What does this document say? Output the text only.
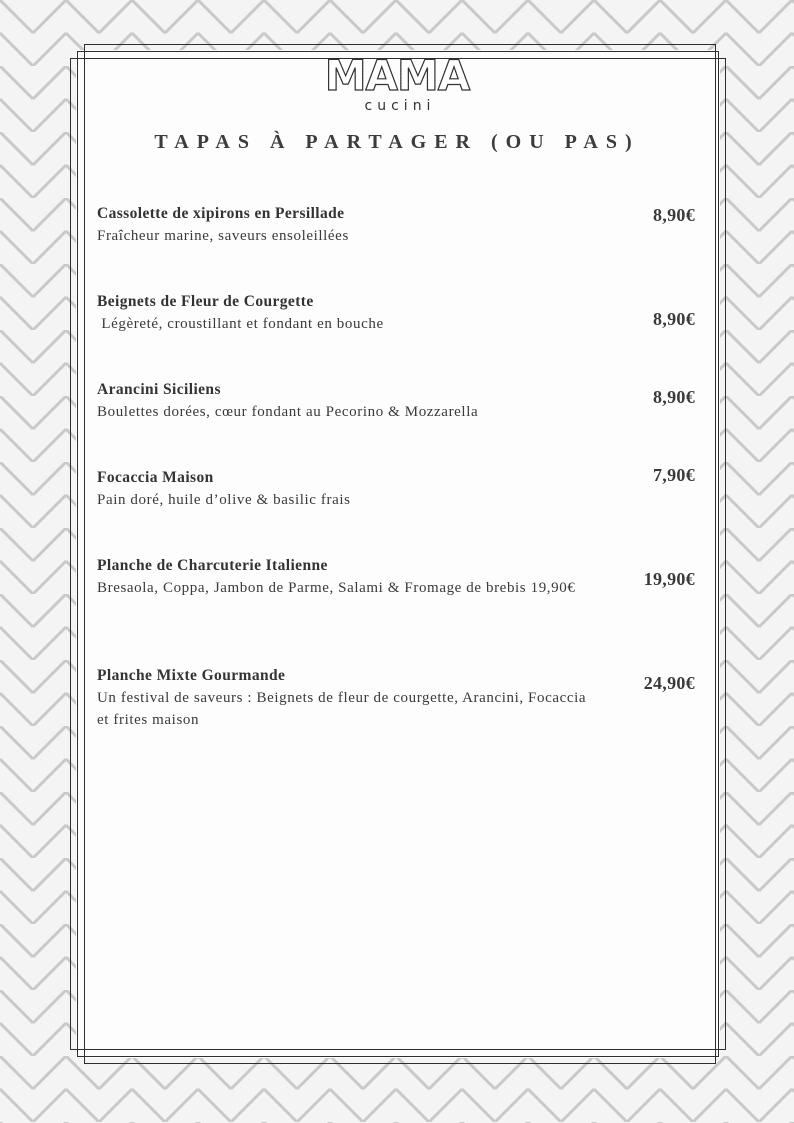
MAMA
cucini
TAPAS À PARTAGER (OU PAS)
Cassolette de xipirons en Persillade
Fraîcheur marine, saveurs ensoleillées
8,90€
Beignets de Fleur de Courgette
Légèreté, croustillant et fondant en bouche	8,90€
Arancini Siciliens
Boulettes dorées, cœur fondant au Pecorino & Mozzarella
8,90€
Focaccia Maison
Pain doré, huile d’olive & basilic frais
7,90€
Planche de Charcuterie Italienne
Bresaola, Coppa, Jambon de Parme, Salami & Fromage de brebis 19,90€	19,90€
Planche Mixte Gourmande
Un festival de saveurs : Beignets de fleur de courgette, Arancini, Focaccia et frites maison
24,90€
